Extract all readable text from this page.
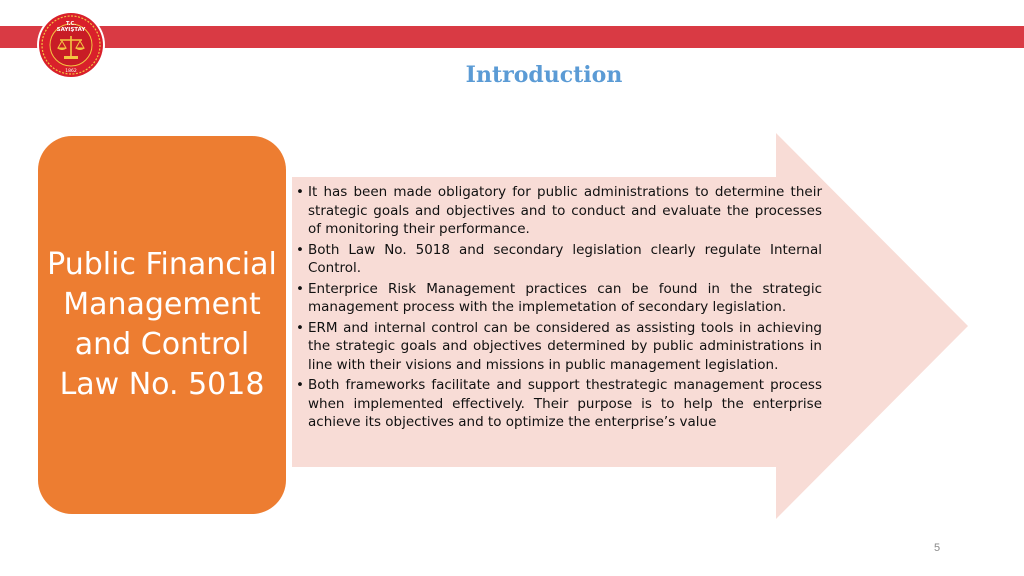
T.C.
SAYIŞTAY
1862	Introduction
Public Financial Management and Control Law No. 5018
• It has been made obligatory for public administrations to determine their strategic goals and objectives and to conduct and evaluate the processes of monitoring their performance.
• Both Law No. 5018 and secondary legislation clearly regulate Internal Control.
• Enterprice Risk Management practices can be found in the strategic management process with the implemetation of secondary legislation.
• ERM and internal control can be considered as assisting tools in achieving the strategic goals and objectives determined by public administrations in line with their visions and missions in public management legislation.
• Both frameworks facilitate and support thestrategic management process when implemented effectively. Their purpose is to help the enterprise achieve its objectives and to optimize the enterprise’s value
5
